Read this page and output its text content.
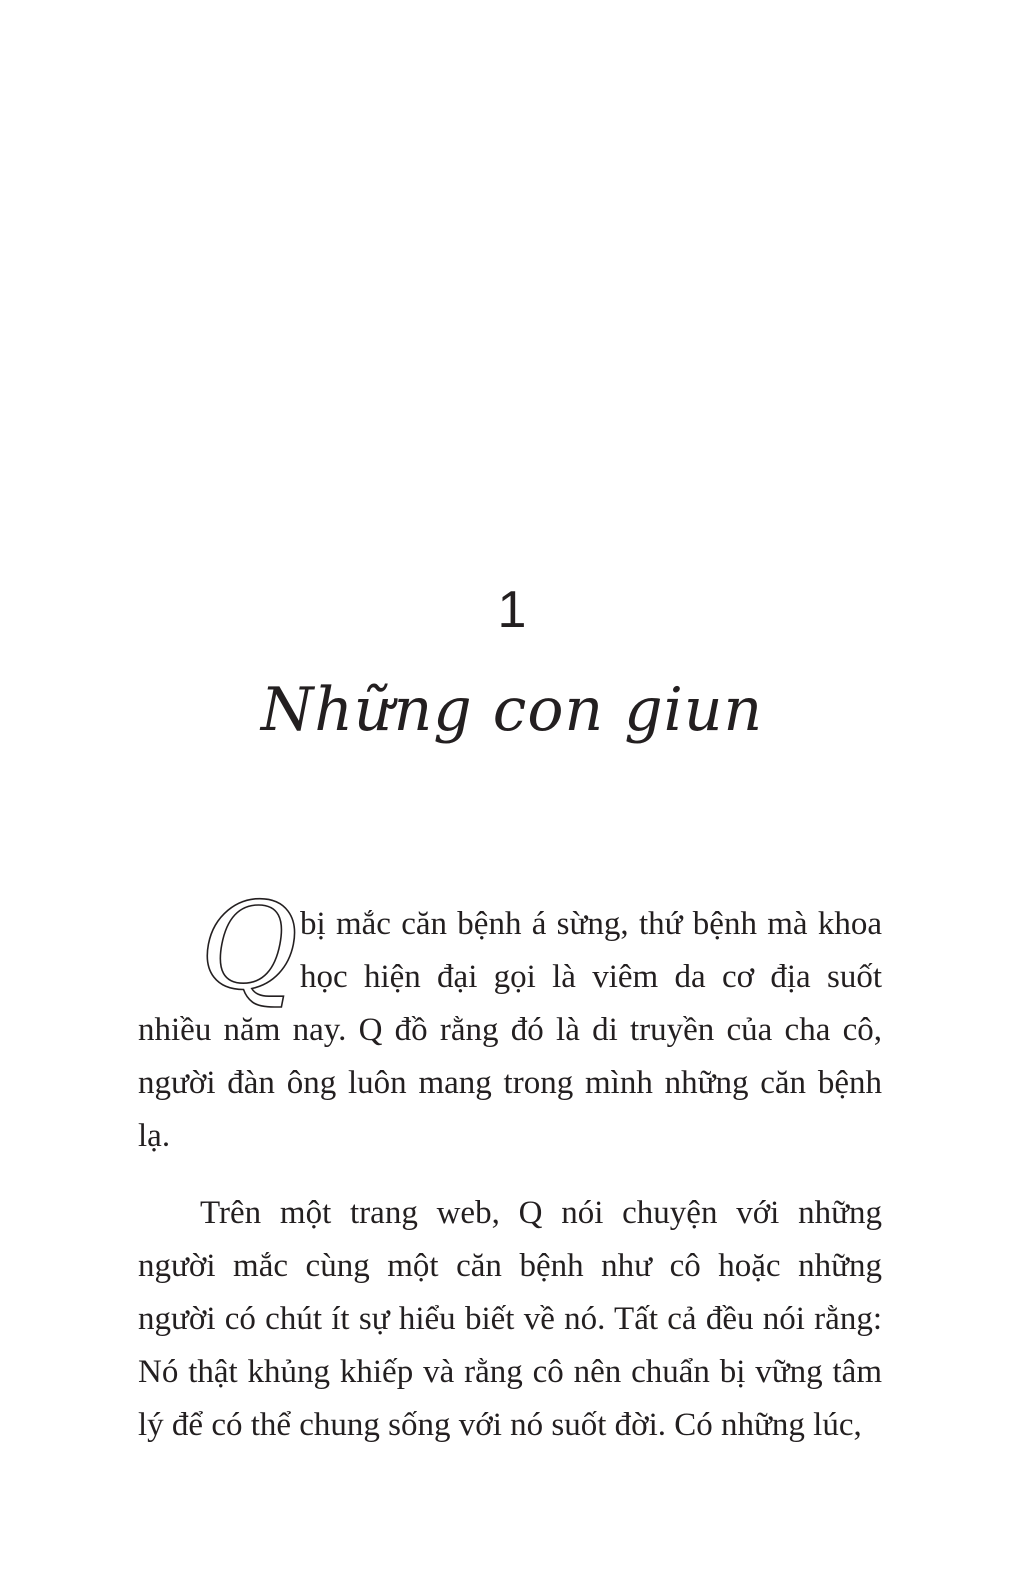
1
Những con giun

Q bị mắc căn bệnh á sừng, thứ bệnh mà khoa học hiện đại gọi là viêm da cơ địa suốt nhiều năm nay. Q đồ rằng đó là di truyền của cha cô, người đàn ông luôn mang trong mình những căn bệnh lạ.

Trên một trang web, Q nói chuyện với những người mắc cùng một căn bệnh như cô hoặc những người có chút ít sự hiểu biết về nó. Tất cả đều nói rằng: Nó thật khủng khiếp và rằng cô nên chuẩn bị vững tâm lý để có thể chung sống với nó suốt đời. Có những lúc,
